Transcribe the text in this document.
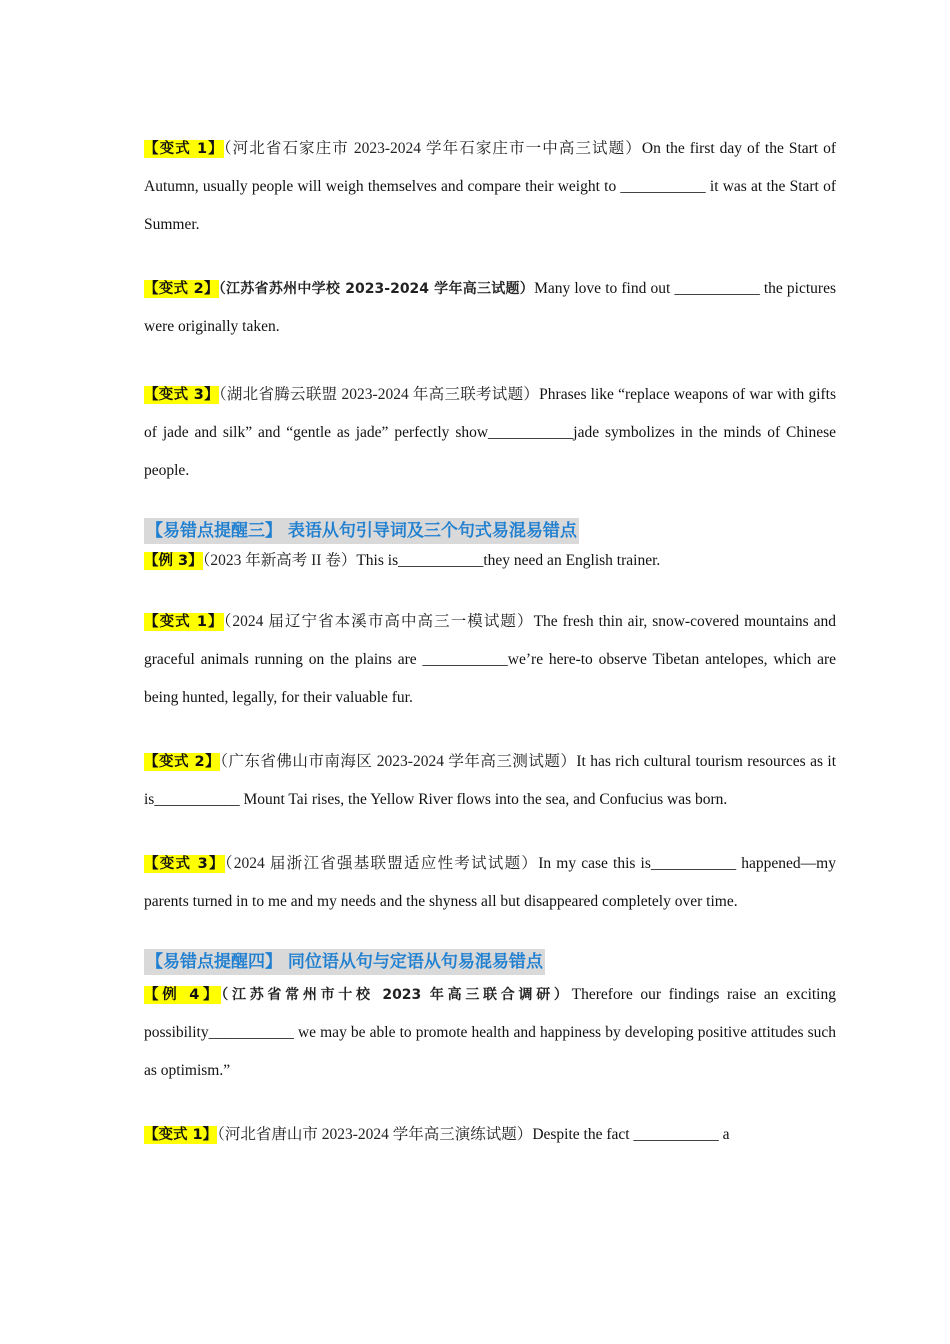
【变式 1】（河北省石家庄市 2023-2024 学年石家庄市一中高三试题）On the first day of the Start of Autumn, usually people will weigh themselves and compare their weight to ___________ it was at the Start of Summer.

【变式 2】（江苏省苏州中学校 2023-2024 学年高三试题）Many love to find out ___________ the pictures were originally taken.

【变式 3】（湖北省腾云联盟 2023-2024 年高三联考试题）Phrases like “replace weapons of war with gifts of jade and silk” and “gentle as jade” perfectly show___________jade symbolizes in the minds of Chinese people.

【易错点提醒三】 表语从句引导词及三个句式易混易错点

【例 3】（2023 年新高考 II 卷）This is___________they need an English trainer.

【变式 1】（2024 届辽宁省本溪市高中高三一模试题）The fresh thin air, snow-covered mountains and graceful animals running on the plains are ___________we’re here-to observe Tibetan antelopes, which are being hunted, legally, for their valuable fur.

【变式 2】（广东省佛山市南海区 2023-2024 学年高三测试题）It has rich cultural tourism resources as it is___________ Mount Tai rises, the Yellow River flows into the sea, and Confucius was born.

【变式 3】（2024 届浙江省强基联盟适应性考试试题）In my case this is___________ happened—my parents turned in to me and my needs and the shyness all but disappeared completely over time.

【易错点提醒四】 同位语从句与定语从句易混易错点

【例 4】（江苏省常州市十校 2023 年高三联合调研）Therefore our findings raise an exciting possibility___________ we may be able to promote health and happiness by developing positive attitudes such as optimism.”

【变式 1】（河北省唐山市 2023-2024 学年高三演练试题）Despite the fact ___________ a
